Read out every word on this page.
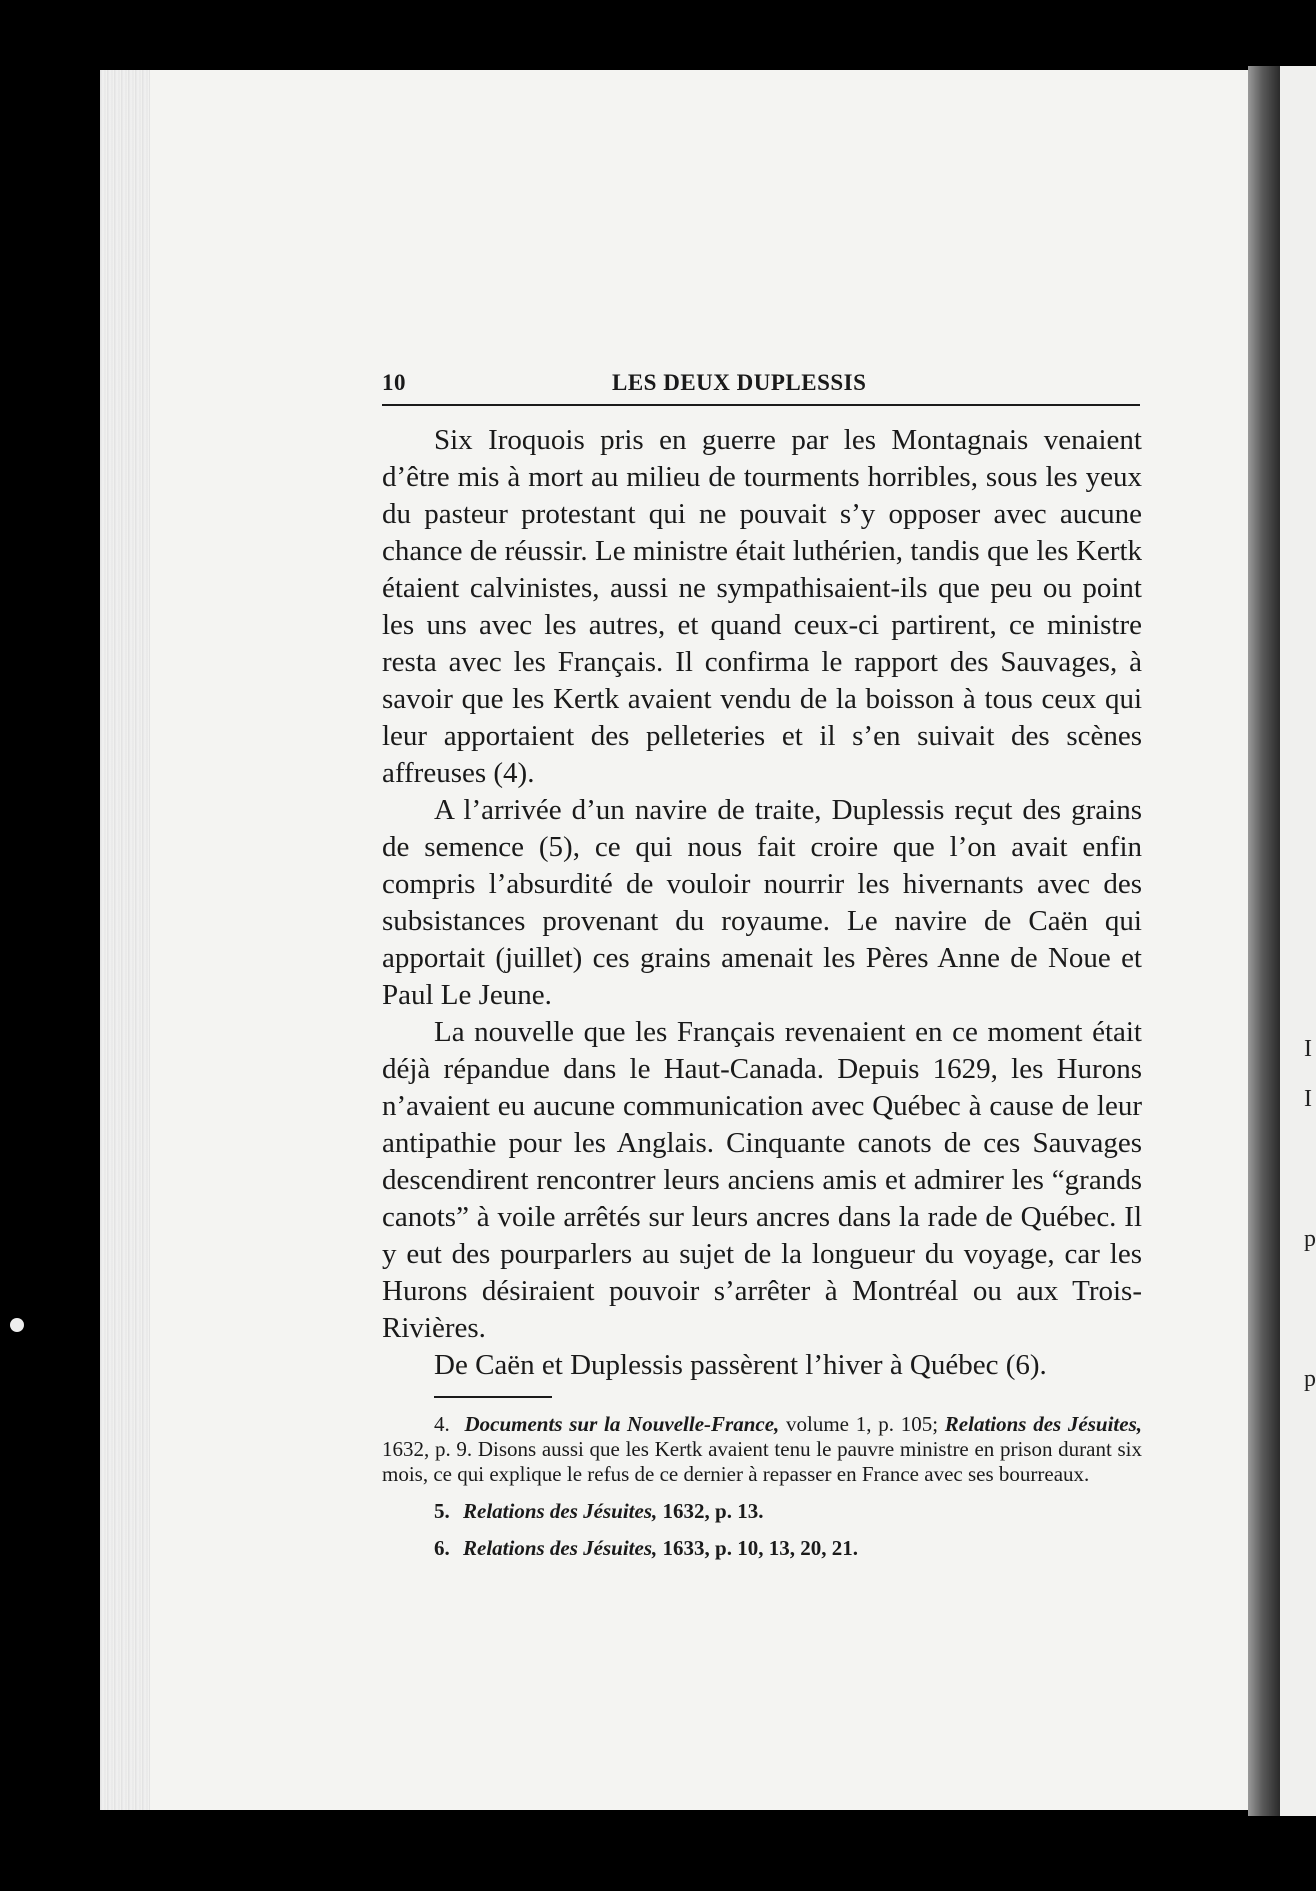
I
I
p
p
10	LES DEUX DUPLESSIS

Six Iroquois pris en guerre par les Montagnais venaient d’être mis à mort au milieu de tourments horribles, sous les yeux du pasteur protestant qui ne pouvait s’y opposer avec aucune chance de réussir. Le ministre était luthérien, tandis que les Kertk étaient calvinistes, aussi ne sympathisaient-ils que peu ou point les uns avec les autres, et quand ceux-ci partirent, ce ministre resta avec les Français. Il confirma le rapport des Sauvages, à savoir que les Kertk avaient vendu de la boisson à tous ceux qui leur apportaient des pelleteries et il s’en suivait des scènes affreuses (4).

A l’arrivée d’un navire de traite, Duplessis reçut des grains de semence (5), ce qui nous fait croire que l’on avait enfin compris l’absurdité de vouloir nourrir les hivernants avec des subsistances provenant du royaume. Le navire de Caën qui apportait (juillet) ces grains amenait les Pères Anne de Noue et Paul Le Jeune.

La nouvelle que les Français revenaient en ce moment était déjà répandue dans le Haut-Canada. Depuis 1629, les Hurons n’avaient eu aucune communication avec Québec à cause de leur antipathie pour les Anglais. Cinquante canots de ces Sauvages descendirent rencontrer leurs anciens amis et admirer les “grands canots” à voile arrêtés sur leurs ancres dans la rade de Québec. Il y eut des pourparlers au sujet de la longueur du voyage, car les Hurons désiraient pouvoir s’arrêter à Montréal ou aux Trois-Rivières.

De Caën et Duplessis passèrent l’hiver à Québec (6).

4. Documents sur la Nouvelle-France, volume 1, p. 105; Relations des Jésuites, 1632, p. 9. Disons aussi que les Kertk avaient tenu le pauvre ministre en prison durant six mois, ce qui explique le refus de ce dernier à repasser en France avec ses bourreaux.

5. Relations des Jésuites, 1632, p. 13.

6. Relations des Jésuites, 1633, p. 10, 13, 20, 21.
